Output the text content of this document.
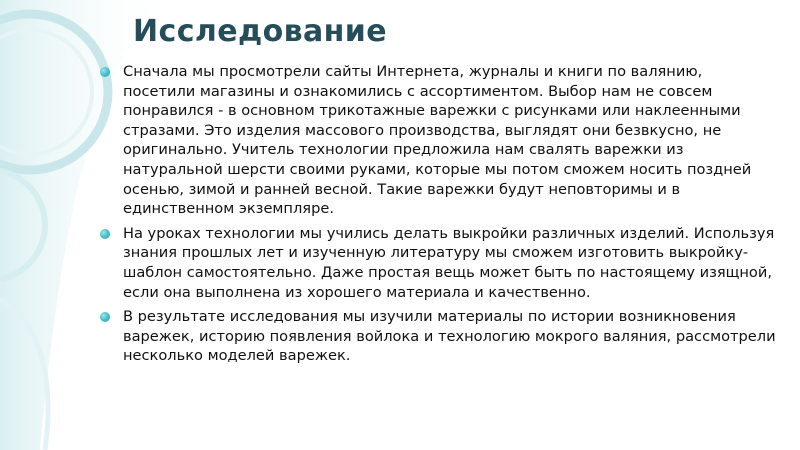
Исследование
Сначала мы просмотрели сайты Интернета, журналы и книги по валянию, посетили магазины и ознакомились с ассортиментом. Выбор нам не совсем понравился - в основном трикотажные варежки с рисунками или наклеенными стразами. Это изделия массового производства, выглядят они безвкусно, не оригинально. Учитель технологии предложила нам свалять варежки из натуральной шерсти своими руками, которые мы потом сможем носить поздней осенью, зимой и ранней весной. Такие варежки будут неповторимы и в единственном экземпляре.
На уроках технологии мы учились делать выкройки различных изделий. Используя знания прошлых лет и изученную литературу мы сможем изготовить выкройку-шаблон самостоятельно. Даже простая вещь может быть по настоящему изящной, если она выполнена из хорошего материала и качественно.
В результате исследования мы изучили материалы по истории возникновения варежек, историю появления войлока и технологию мокрого валяния, рассмотрели несколько моделей варежек.
